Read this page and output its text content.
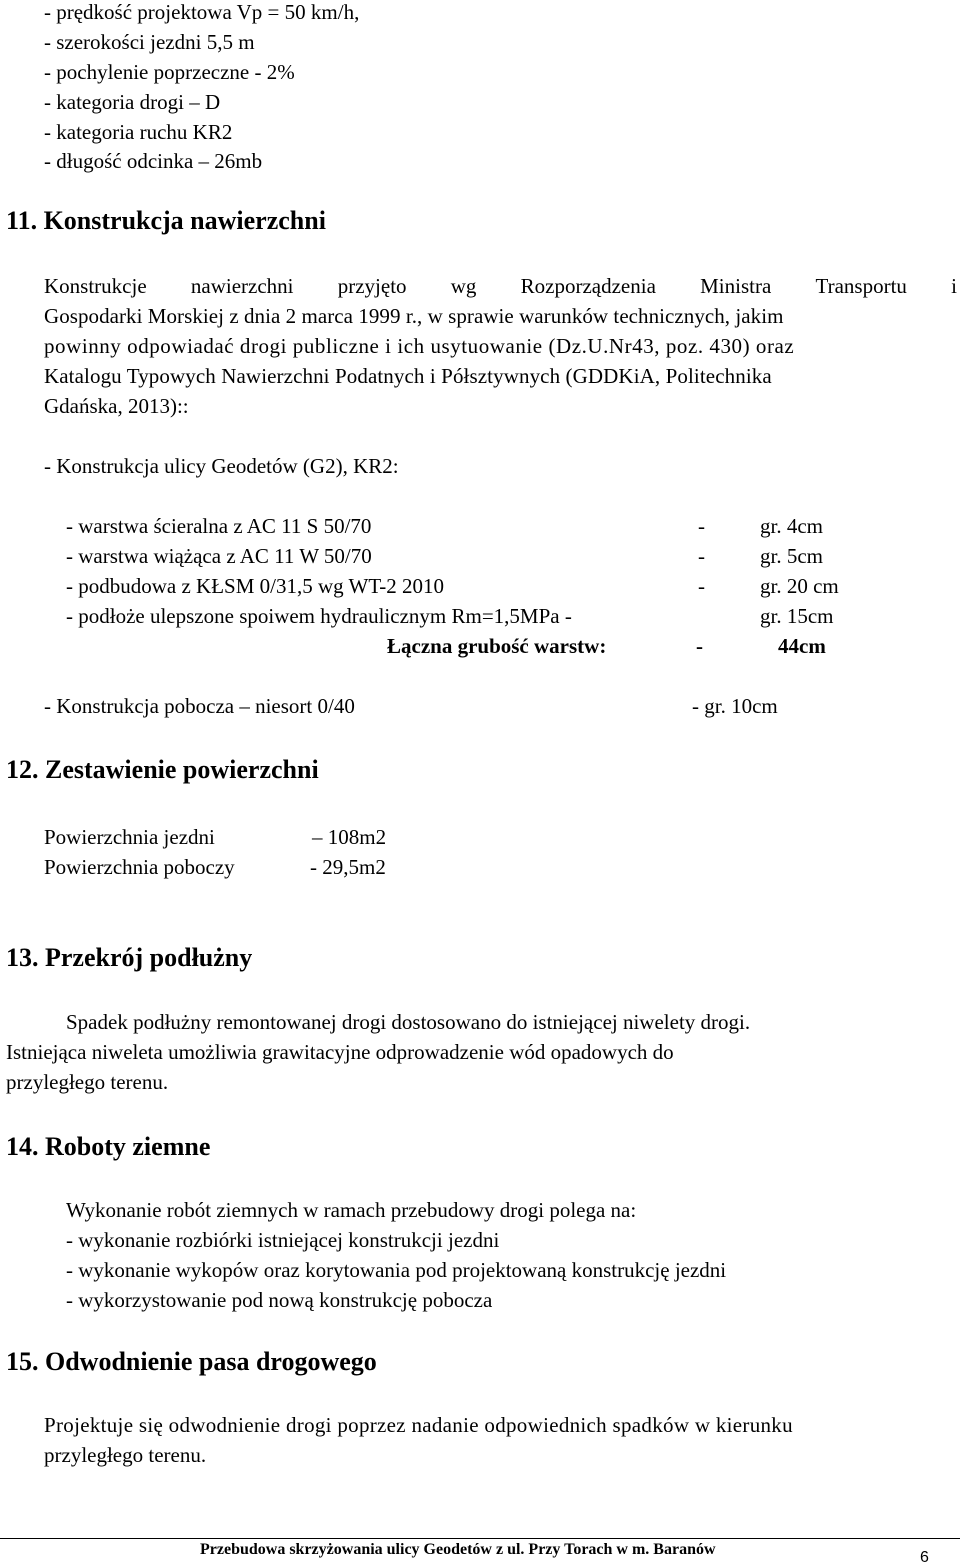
- prędkość projektowa Vp = 50 km/h,
- szerokości jezdni 5,5 m
- pochylenie poprzeczne - 2%
- kategoria drogi – D
- kategoria ruchu KR2
- długość odcinka – 26mb
11. Konstrukcja nawierzchni
Konstrukcje nawierzchni przyjęto wg Rozporządzenia Ministra Transportu i
Gospodarki Morskiej z dnia 2 marca 1999 r., w sprawie warunków technicznych, jakim
powinny odpowiadać drogi publiczne i ich usytuowanie (Dz.U.Nr43, poz. 430) oraz
Katalogu Typowych Nawierzchni Podatnych i Półsztywnych (GDDKiA, Politechnika
Gdańska, 2013)::
- Konstrukcja ulicy Geodetów (G2), KR2:
- warstwa ścieralna z AC 11 S 50/70	-	gr. 4cm
- warstwa wiążąca z AC 11 W 50/70	-	gr. 5cm
- podbudowa z KŁSM 0/31,5 wg WT-2 2010	-	gr. 20 cm
- podłoże ulepszone spoiwem hydraulicznym Rm=1,5MPa -	gr. 15cm
Łączna grubość warstw:	-	44cm
- Konstrukcja pobocza – niesort 0/40	- gr. 10cm
12. Zestawienie powierzchni
Powierzchnia jezdni	– 108m2
Powierzchnia poboczy	- 29,5m2
13. Przekrój podłużny
Spadek podłużny remontowanej drogi dostosowano do istniejącej niwelety drogi.
Istniejąca niweleta umożliwia grawitacyjne odprowadzenie wód opadowych do
przyległego terenu.
14. Roboty ziemne
Wykonanie robót ziemnych w ramach przebudowy drogi polega na:
- wykonanie rozbiórki istniejącej konstrukcji jezdni
- wykonanie wykopów oraz korytowania pod projektowaną konstrukcję jezdni
- wykorzystowanie pod nową konstrukcję pobocza
15. Odwodnienie pasa drogowego
Projektuje się odwodnienie drogi poprzez nadanie odpowiednich spadków w kierunku
przyległego terenu.
Przebudowa skrzyżowania ulicy Geodetów z ul. Przy Torach w m. Baranów	6
